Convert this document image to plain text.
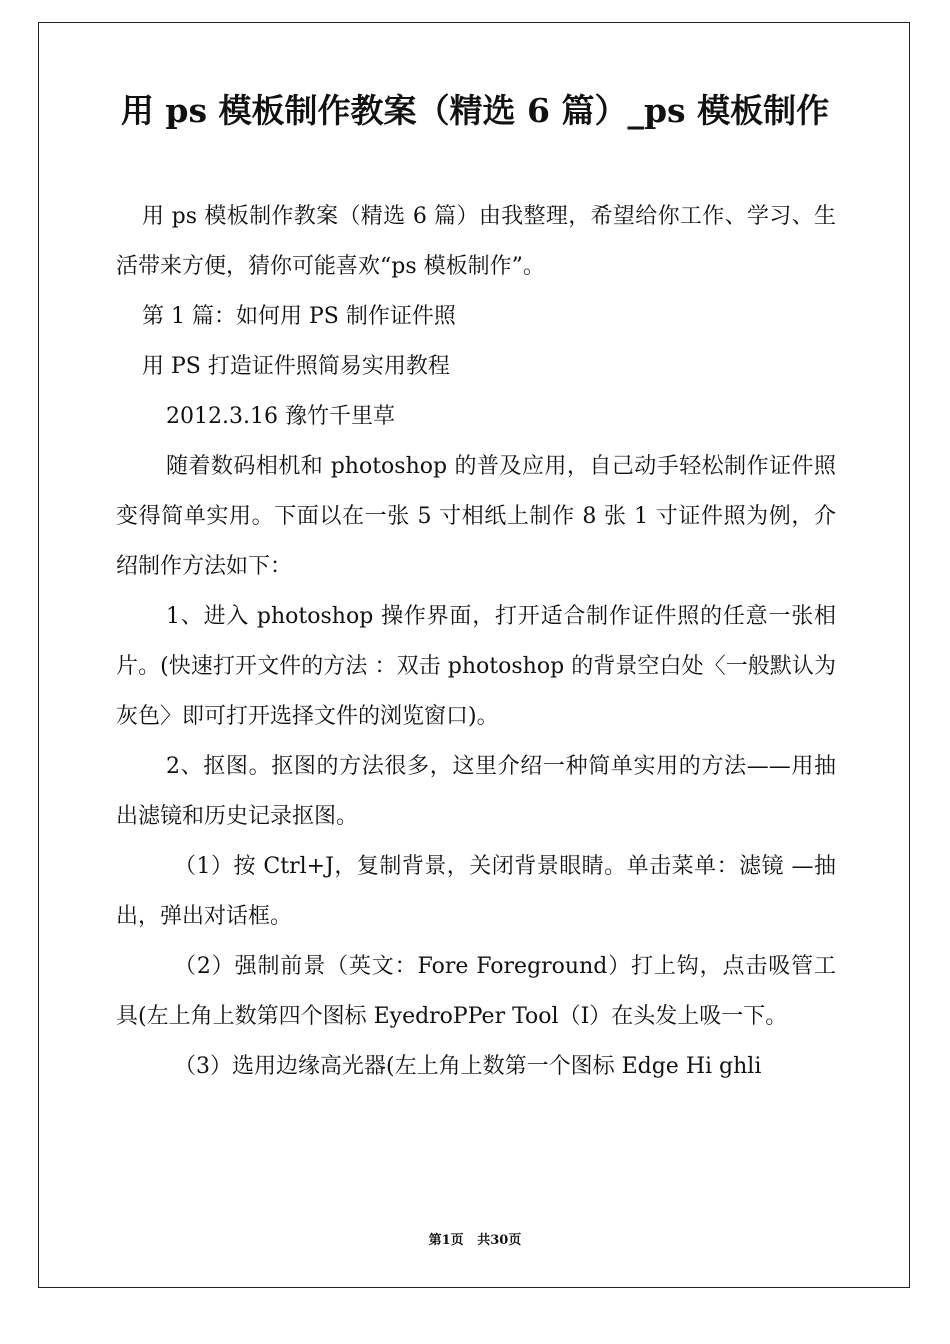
用 ps 模板制作教案（精选 6 篇）_ps 模板制作

用 ps 模板制作教案（精选 6 篇）由我整理，希望给你工作、学习、生活带来方便，猜你可能喜欢“ps 模板制作”。

第 1 篇：如何用 PS 制作证件照

用 PS 打造证件照简易实用教程

2012.3.16 豫竹千里草

随着数码相机和 photoshop 的普及应用，自己动手轻松制作证件照变得简单实用。下面以在一张 5 寸相纸上制作 8 张 1 寸证件照为例，介绍制作方法如下：

1、进入 photoshop 操作界面，打开适合制作证件照的任意一张相片。(快速打开文件的方法 ：双击 photoshop 的背景空白处〈一般默认为灰色〉即可打开选择文件的浏览窗口)。

2、抠图。抠图的方法很多，这里介绍一种简单实用的方法——用抽出滤镜和历史记录抠图。

（1）按 Ctrl+J，复制背景，关闭背景眼睛。单击菜单：滤镜 —抽出，弹出对话框。

（2）强制前景（英文：Fore Foreground）打上钩，点击吸管工具(左上角上数第四个图标 EyedroPPer Tool（I）在头发上吸一下。

（3）选用边缘高光器(左上角上数第一个图标 Edge Hi ghli

第1页 共30页
